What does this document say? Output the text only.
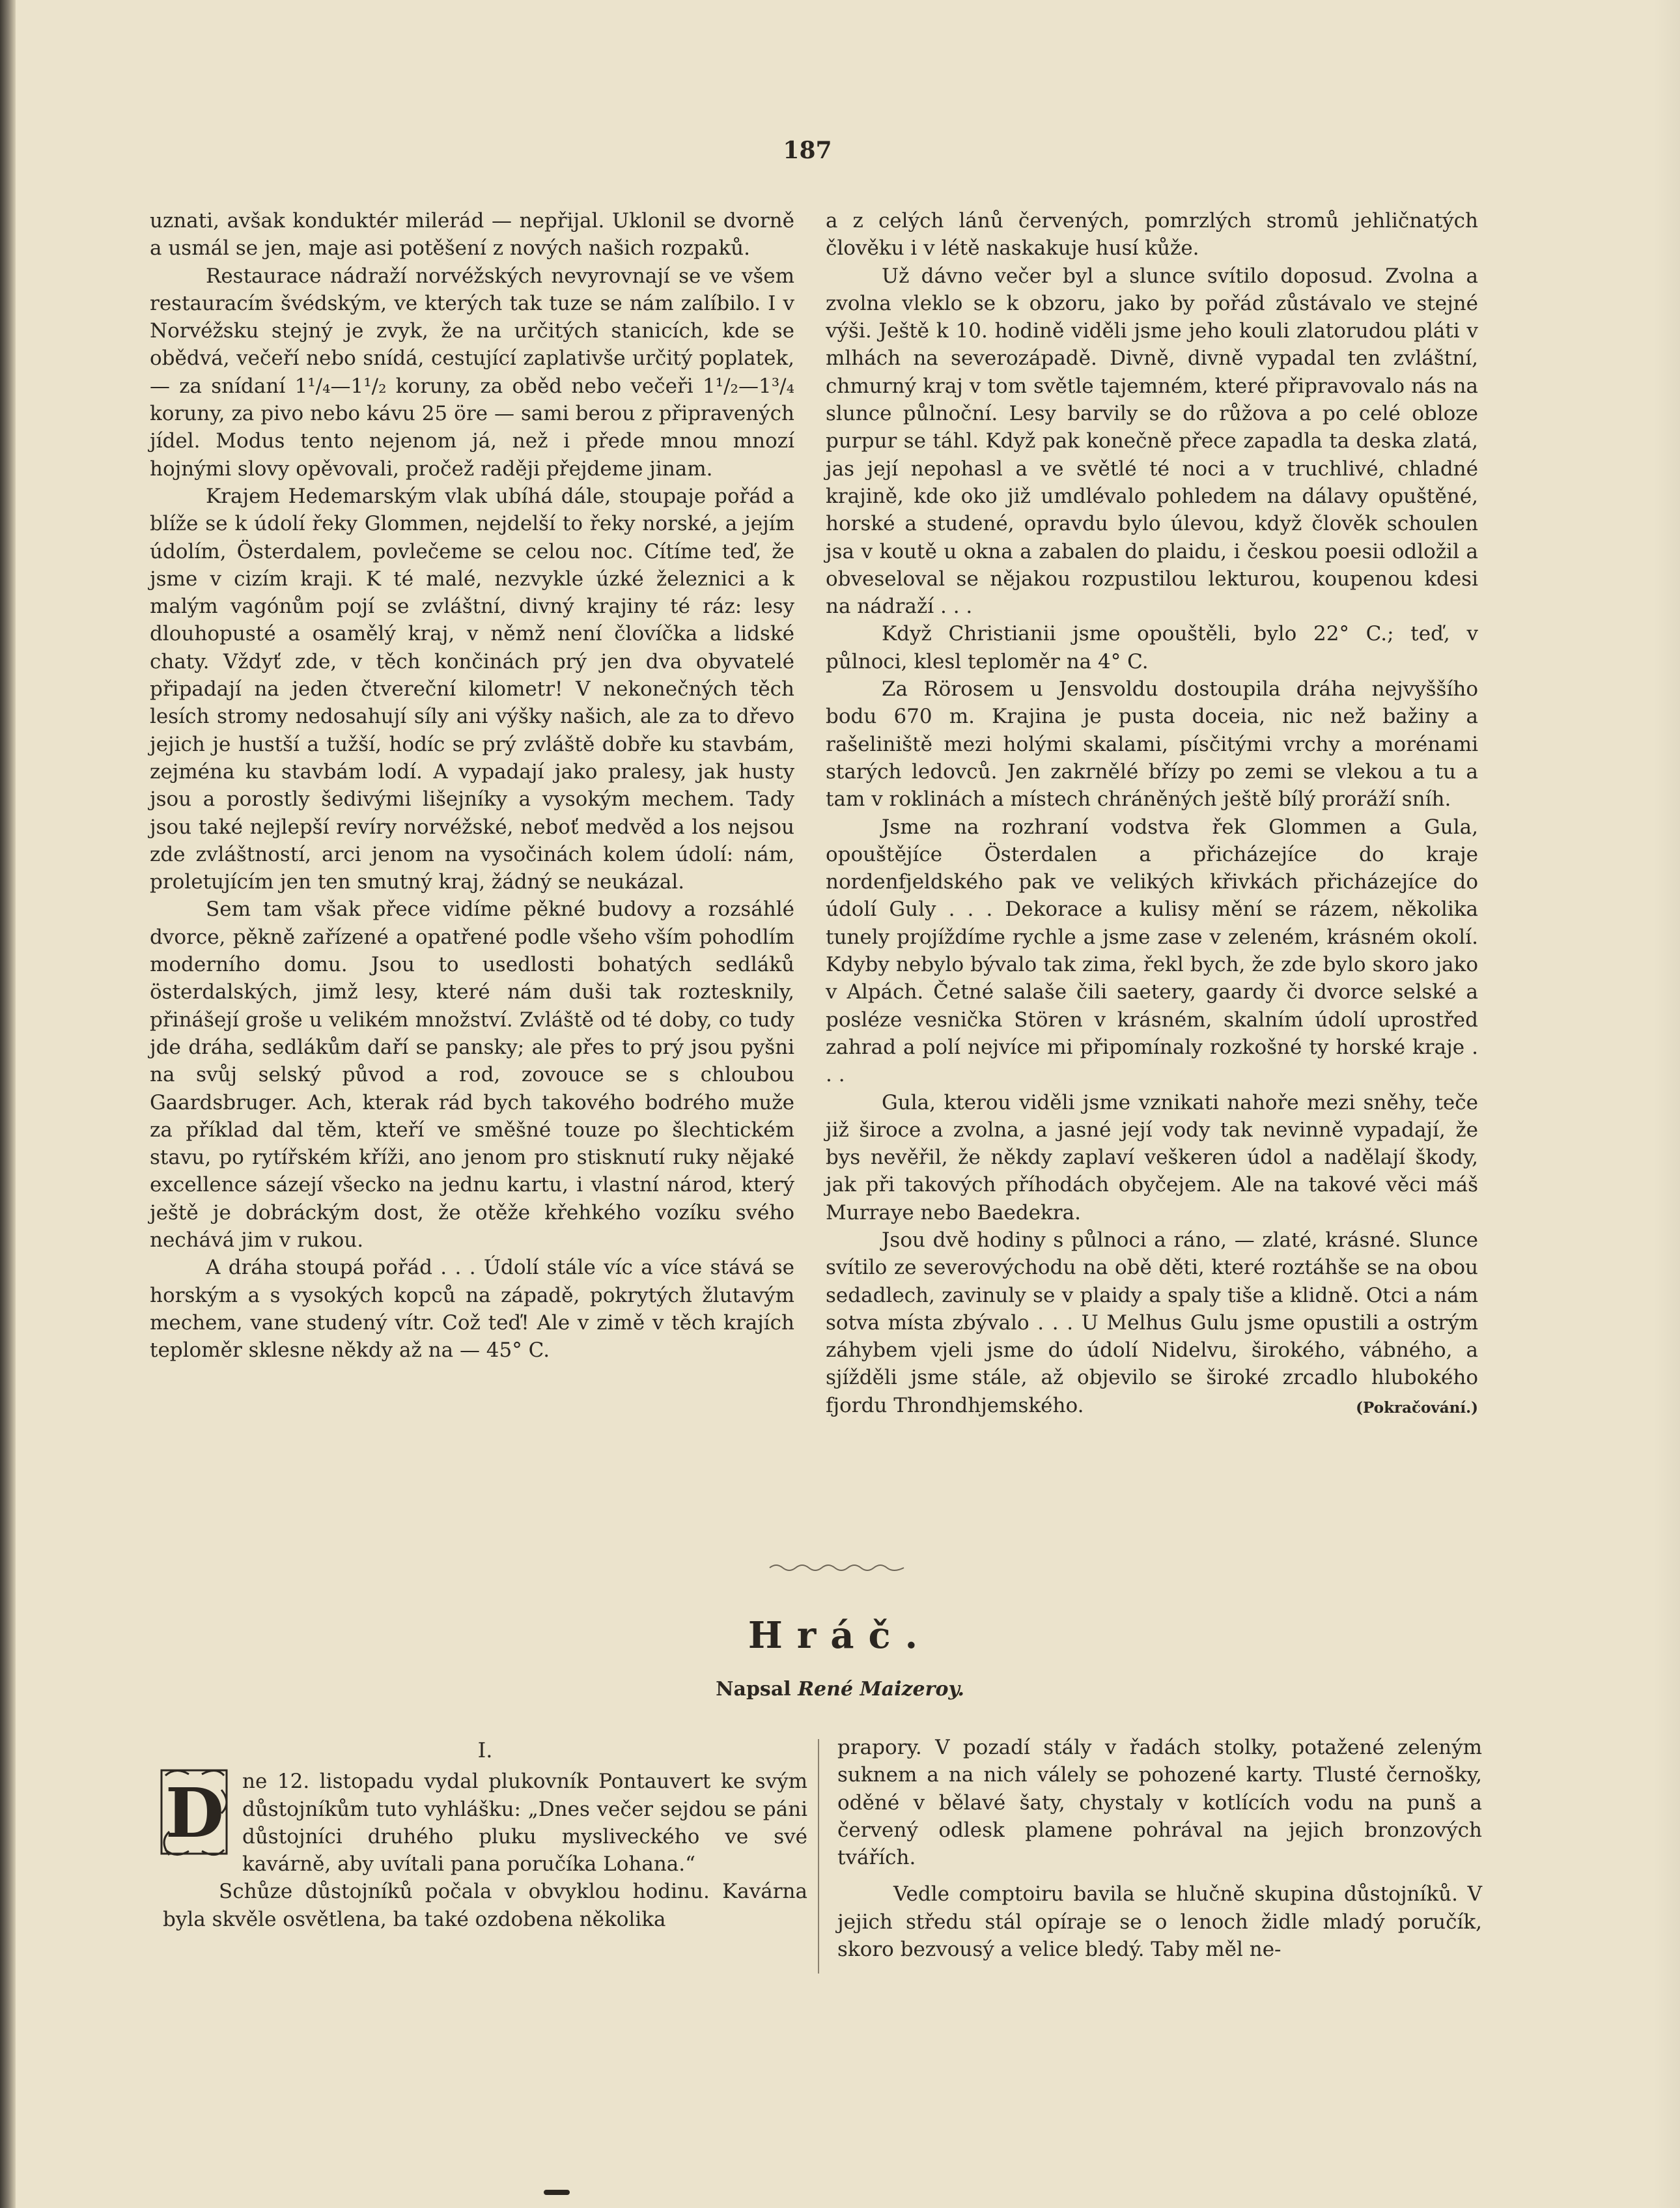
187

uznati, avšak konduktér milerád — nepřijal. Uklonil se dvorně a usmál se jen, maje asi potěšení z nových našich rozpaků.

Restaurace nádraží norvéžských nevyrovnají se ve všem restauracím švédským, ve kterých tak tuze se nám zalíbilo. I v Norvéžsku stejný je zvyk, že na určitých stanicích, kde se obědvá, večeří nebo snídá, cestující zaplativše určitý poplatek, — za snídaní 1¹/₄—1¹/₂ koruny, za oběd nebo večeři 1¹/₂—1³/₄ koruny, za pivo nebo kávu 25 öre — sami berou z připravených jídel. Modus tento nejenom já, než i přede mnou mnozí hojnými slovy opěvovali, pročež raději přejdeme jinam.

Krajem Hedemarským vlak ubíhá dále, stoupaje pořád a blíže se k údolí řeky Glommen, nejdelší to řeky norské, a jejím údolím, Österdalem, povlečeme se celou noc. Cítíme teď, že jsme v cizím kraji. K té malé, nezvykle úzké železnici a k malým vagónům pojí se zvláštní, divný krajiny té ráz: lesy dlouhopusté a osamělý kraj, v němž není človíčka a lidské chaty. Vždyť zde, v těch končinách prý jen dva obyvatelé připadají na jeden čtvereční kilometr! V nekonečných těch lesích stromy nedosahují síly ani výšky našich, ale za to dřevo jejich je hustší a tužší, hodíc se prý zvláště dobře ku stavbám, zejména ku stavbám lodí. A vypadají jako pralesy, jak husty jsou a porostly šedivými lišejníky a vysokým mechem. Tady jsou také nejlepší revíry norvéžské, neboť medvěd a los nejsou zde zvláštností, arci jenom na vysočinách kolem údolí: nám, proletujícím jen ten smutný kraj, žádný se neukázal.

Sem tam však přece vidíme pěkné budovy a rozsáhlé dvorce, pěkně zařízené a opatřené podle všeho vším pohodlím moderního domu. Jsou to usedlosti bohatých sedláků österdalských, jimž lesy, které nám duši tak roztesknily, přinášejí groše u velikém množství. Zvláště od té doby, co tudy jde dráha, sedlákům daří se pansky; ale přes to prý jsou pyšni na svůj selský původ a rod, zovouce se s chloubou Gaardsbruger. Ach, kterak rád bych takového bodrého muže za příklad dal těm, kteří ve směšné touze po šlechtickém stavu, po rytířském kříži, ano jenom pro stisknutí ruky nějaké excellence sázejí všecko na jednu kartu, i vlastní národ, který ještě je dobráckým dost, že otěže křehkého vozíku svého nechává jim v rukou.

A dráha stoupá pořád . . . Údolí stále víc a více stává se horským a s vysokých kopců na západě, pokrytých žlutavým mechem, vane studený vítr. Což teď! Ale v zimě v těch krajích teploměr sklesne někdy až na — 45° C.

a z celých lánů červených, pomrzlých stromů jehličnatých člověku i v létě naskakuje husí kůže.

Už dávno večer byl a slunce svítilo doposud. Zvolna a zvolna vleklo se k obzoru, jako by pořád zůstávalo ve stejné výši. Ještě k 10. hodině viděli jsme jeho kouli zlatorudou pláti v mlhách na severozápadě. Divně, divně vypadal ten zvláštní, chmurný kraj v tom světle tajemném, které připravovalo nás na slunce půlnoční. Lesy barvily se do růžova a po celé obloze purpur se táhl. Když pak konečně přece zapadla ta deska zlatá, jas její nepohasl a ve světlé té noci a v truchlivé, chladné krajině, kde oko již umdlévalo pohledem na dálavy opuštěné, horské a studené, opravdu bylo úlevou, když člověk schoulen jsa v koutě u okna a zabalen do plaidu, i českou poesii odložil a obveseloval se nějakou rozpustilou lekturou, koupenou kdesi na nádraží . . .

Když Christianii jsme opouštěli, bylo 22° C.; teď, v půlnoci, klesl teploměr na 4° C.

Za Rörosem u Jensvoldu dostoupila dráha nejvyššího bodu 670 m. Krajina je pusta doceia, nic než bažiny a rašeliniště mezi holými skalami, písčitými vrchy a morénami starých ledovců. Jen zakrnělé břízy po zemi se vlekou a tu a tam v roklinách a místech chráněných ještě bílý proráží sníh.

Jsme na rozhraní vodstva řek Glommen a Gula, opouštějíce Österdalen a přicházejíce do kraje nordenfjeldského pak ve velikých křivkách přicházejíce do údolí Guly . . . Dekorace a kulisy mění se rázem, několika tunely projíždíme rychle a jsme zase v zeleném, krásném okolí. Kdyby nebylo bývalo tak zima, řekl bych, že zde bylo skoro jako v Alpách. Četné salaše čili saetery, gaardy či dvorce selské a posléze vesnička Stören v krásném, skalním údolí uprostřed zahrad a polí nejvíce mi připomínaly rozkošné ty horské kraje . . .

Gula, kterou viděli jsme vznikati nahoře mezi sněhy, teče již široce a zvolna, a jasné její vody tak nevinně vypadají, že bys nevěřil, že někdy zaplaví veškeren údol a nadělají škody, jak při takových příhodách obyčejem. Ale na takové věci máš Murraye nebo Baedekra.

Jsou dvě hodiny s půlnoci a ráno, — zlaté, krásné. Slunce svítilo ze severovýchodu na obě děti, které roztáhše se na obou sedadlech, zavinuly se v plaidy a spaly tiše a klidně. Otci a nám sotva místa zbývalo . . . U Melhus Gulu jsme opustili a ostrým záhybem vjeli jsme do údolí Nidelvu, širokého, vábného, a sjížděli jsme stále, až objevilo se široké zrcadlo hlubokého fjordu Throndhjemského.	(Pokračování.)

Hráč.
Napsal René Maizeroy.
I.
D ne 12. listopadu vydal plukovník Pontauvert ke svým důstojníkům tuto vyhlášku: „Dnes večer sejdou se páni důstojníci druhého pluku mysliveckého ve své kavárně, aby uvítali pana poručíka Lohana.“

Schůze důstojníků počala v obvyklou hodinu. Kavárna byla skvěle osvětlena, ba také ozdobena několika

prapory. V pozadí stály v řadách stolky, potažené zeleným suknem a na nich válely se pohozené karty. Tlusté černošky, oděné v bělavé šaty, chystaly v kotlících vodu na punš a červený odlesk plamene pohrával na jejich bronzových tvářích.

Vedle comptoiru bavila se hlučně skupina důstojníků. V jejich středu stál opíraje se o lenoch židle mladý poručík, skoro bezvousý a velice bledý. Taby měl ne-
